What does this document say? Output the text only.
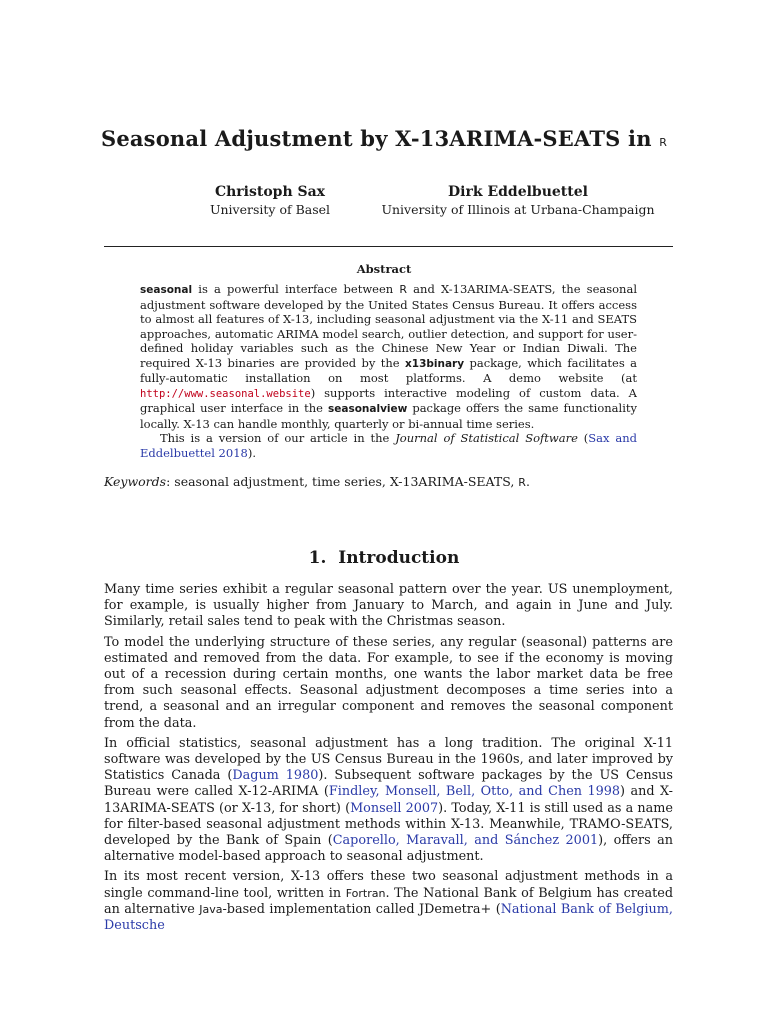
Seasonal Adjustment by X-13ARIMA-SEATS in R
Christoph Sax
University of Basel
Dirk Eddelbuettel
University of Illinois at Urbana-Champaign
Abstract

seasonal is a powerful interface between R and X-13ARIMA-SEATS, the seasonal adjustment software developed by the United States Census Bureau. It offers access to almost all features of X-13, including seasonal adjustment via the X-11 and SEATS approaches, automatic ARIMA model search, outlier detection, and support for user-defined holiday variables such as the Chinese New Year or Indian Diwali. The required X-13 binaries are provided by the x13binary package, which facilitates a fully-automatic installation on most platforms. A demo website (at http://www.seasonal.website) supports interactive modeling of custom data. A graphical user interface in the seasonalview package offers the same functionality locally. X-13 can handle monthly, quarterly or bi-annual time series.

This is a version of our article in the Journal of Statistical Software (Sax and Eddelbuettel 2018).

Keywords: seasonal adjustment, time series, X-13ARIMA-SEATS, R.
1. Introduction

Many time series exhibit a regular seasonal pattern over the year. US unemployment, for example, is usually higher from January to March, and again in June and July. Similarly, retail sales tend to peak with the Christmas season.

To model the underlying structure of these series, any regular (seasonal) patterns are estimated and removed from the data. For example, to see if the economy is moving out of a recession during certain months, one wants the labor market data be free from such seasonal effects. Seasonal adjustment decomposes a time series into a trend, a seasonal and an irregular component and removes the seasonal component from the data.

In official statistics, seasonal adjustment has a long tradition. The original X-11 software was developed by the US Census Bureau in the 1960s, and later improved by Statistics Canada (Dagum 1980). Subsequent software packages by the US Census Bureau were called X-12-ARIMA (Findley, Monsell, Bell, Otto, and Chen 1998) and X-13ARIMA-SEATS (or X-13, for short) (Monsell 2007). Today, X-11 is still used as a name for filter-based seasonal adjustment methods within X-13. Meanwhile, TRAMO-SEATS, developed by the Bank of Spain (Caporello, Maravall, and Sánchez 2001), offers an alternative model-based approach to seasonal adjustment.

In its most recent version, X-13 offers these two seasonal adjustment methods in a single command-line tool, written in Fortran. The National Bank of Belgium has created an alternative Java-based implementation called JDemetra+ (National Bank of Belgium, Deutsche
